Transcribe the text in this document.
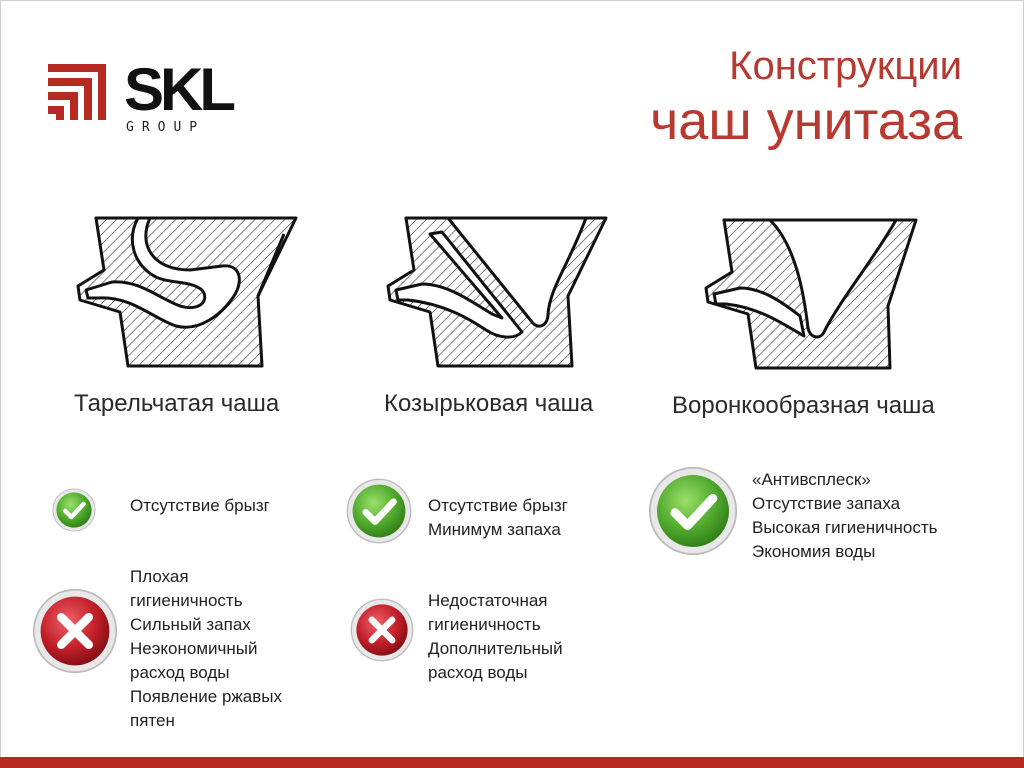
SKL
GROUP
Конструкции
чаш унитаза
Тарельчатая чаша	Козырьковая чаша	Воронкообразная чаша
Отсутствие брызг
Плохая
гигиеничность
Сильный запах
Неэкономичный
расход воды
Появление ржавых
пятен
Отсутствие брызг
Минимум запаха
Недостаточная
гигиеничность
Дополнительный
расход воды
«Антивсплеск»
Отсутствие запаха
Высокая гигиеничность
Экономия воды
